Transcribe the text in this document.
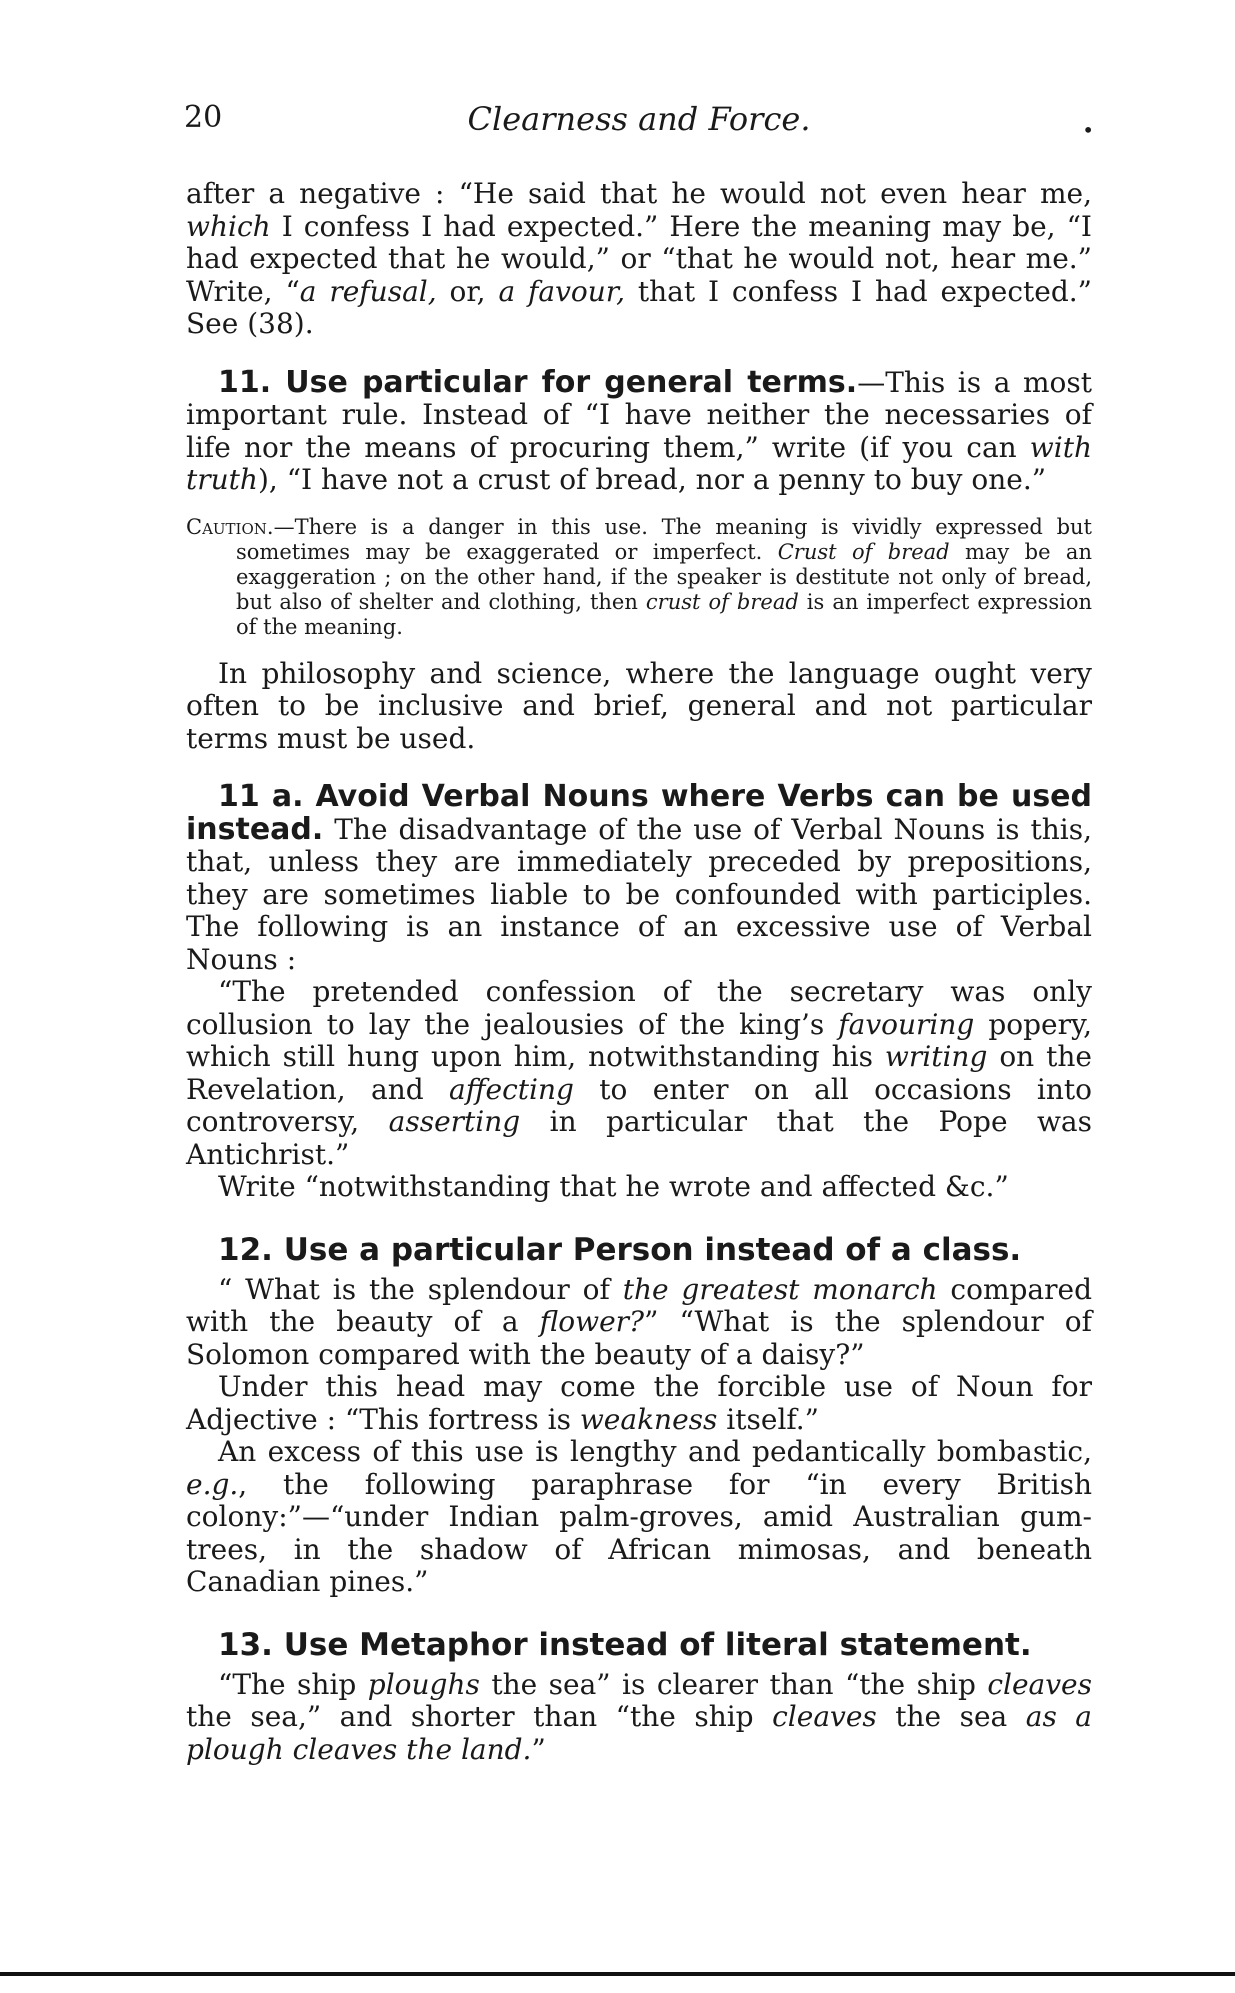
20	Clearness and Force.	•

after a negative : “He said that he would not even hear me, which I confess I had expected.” Here the meaning may be, “I had expected that he would,” or “that he would not, hear me.” Write, “a refusal, or, a favour, that I confess I had expected.” See (38).

11. Use particular for general terms.—This is a most important rule. Instead of “I have neither the necessaries of life nor the means of procuring them,” write (if you can with truth), “I have not a crust of bread, nor a penny to buy one.”

Caution.—There is a danger in this use. The meaning is vividly expressed but sometimes may be exaggerated or imperfect. Crust of bread may be an exaggeration ; on the other hand, if the speaker is destitute not only of bread, but also of shelter and clothing, then crust of bread is an imperfect expression of the meaning.

In philosophy and science, where the language ought very often to be inclusive and brief, general and not particular terms must be used.

11 a. Avoid Verbal Nouns where Verbs can be used instead. The disadvantage of the use of Verbal Nouns is this, that, unless they are immediately preceded by prepositions, they are sometimes liable to be confounded with participles. The following is an instance of an excessive use of Verbal Nouns :

“The pretended confession of the secretary was only collusion to lay the jealousies of the king’s favouring popery, which still hung upon him, notwithstanding his writing on the Revelation, and affecting to enter on all occasions into controversy, asserting in particular that the Pope was Antichrist.”

Write “notwithstanding that he wrote and affected &c.”

12. Use a particular Person instead of a class.

“ What is the splendour of the greatest monarch compared with the beauty of a flower?” “What is the splendour of Solomon compared with the beauty of a daisy?”

Under this head may come the forcible use of Noun for Adjective : “This fortress is weakness itself.”

An excess of this use is lengthy and pedantically bombastic, e.g., the following paraphrase for “in every British colony:”—“under Indian palm-groves, amid Australian gum-trees, in the shadow of African mimosas, and beneath Canadian pines.”

13. Use Metaphor instead of literal statement.

“The ship ploughs the sea” is clearer than “the ship cleaves the sea,” and shorter than “the ship cleaves the sea as a plough cleaves the land.”
